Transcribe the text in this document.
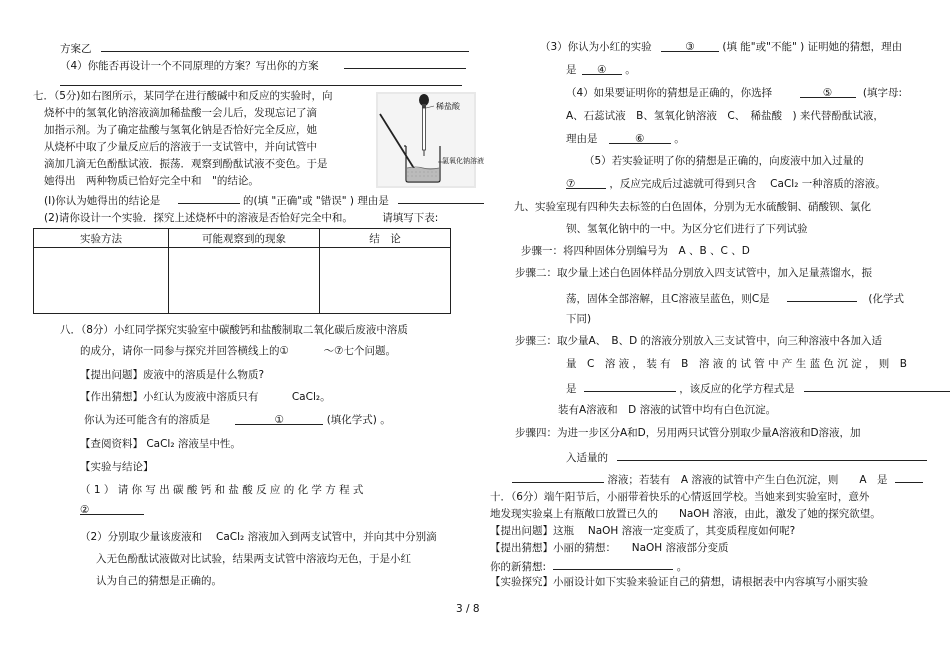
方案乙
（4）你能否再设计一个不同原理的方案？写出你的方案
七．（5分)如右图所示，某同学在进行酸碱中和反应的实验时，向
烧杯中的氢氧化钠溶液滴加稀盐酸一会儿后，发现忘记了滴
加指示剂。为了确定盐酸与氢氧化钠是否恰好完全反应，她
从烧杯中取了少量反应后的溶液于一支试管中，并向试管中
滴加几滴无色酚酞试液．振荡．观察到酚酞试液不变色。于是
她得出　两种物质已恰好完全中和　"的结论。
(I)你认为她得出的结论是	的(填 "正确"或 "错误" ) 理由是
(2)请你设计一个实验．探究上述烧杯中的溶液是否恰好完全中和。	请填写下表:
稀盐酸
氢氧化钠溶液
实验方法	可能观察到的现象	结　论

八．（8分）小红同学探究实验室中碳酸钙和盐酸制取二氧化碳后废液中溶质
的成分，请你一同参与探究并回答横线上的①	～⑦七个问题。
【提出问题】废液中的溶质是什么物质?
【作出猜想】小红认为废液中溶质只有	CaCl₂。
你认为还可能含有的溶质是	①	(填化学式) 。
【查阅资料】 CaCl₂ 溶液呈中性。
【实验与结论】
（ 1 ） 请 你 写 出 碳 酸 钙 和 盐 酸 反 应 的 化 学 方 程 式
②
（2）分别取少量该废液和　 CaCl₂ 溶液加入到两支试管中，并向其中分别滴
入无色酚酞试液做对比试验，结果两支试管中溶液均无色，于是小红
认为自己的猜想是正确的。
（3）你认为小红的实验	③	(填 能"或"不能" ) 证明她的猜想，理由
是 ④ 。
（4）如果要证明你的猜想是正确的，你选择	⑤	(填字母:
A、石蕊试液　B、氢氧化钠溶液　C、　稀盐酸　) 来代替酚酞试液，
理由是	⑥	。
（5）若实验证明了你的猜想是正确的，向废液中加入过量的
⑦	，反应完成后过滤就可得到只含　 CaCl₂ 一种溶质的溶液。
九、实验室现有四种失去标签的白色固体，分别为无水硫酸铜、硝酸钡、氯化
钡、氢氧化钠中的一中。为区分它们进行了下列试验
步骤一：将四种固体分别编号为　A 、B 、C 、D
步骤二：取少量上述白色固体样品分别放入四支试管中，加入足量蒸馏水，振
荡，固体全部溶解，且C溶液呈蓝色，则C是	(化学式
下同)
步骤三：取少量A、　B、D 的溶液分别放入三支试管中，向三种溶液中各加入适
量　C　溶 液 ， 装 有　B　溶 液 的 试 管 中 产 生 蓝 色 沉 淀 ， 则　B
是	，该反应的化学方程式是
装有A溶液和　D 溶液的试管中均有白色沉淀。
步骤四：为进一步区分A和D，另用两只试管分别取少量A溶液和D溶液，加
入适量的
溶液；若装有　A 溶液的试管中产生白色沉淀，则　　A　是
十．（6分）端午阳节后，小丽带着快乐的心情返回学校。当她来到实验室时，意外
地发现实验桌上有瓶敞口放置已久的　　NaOH 溶液，由此，激发了她的探究欲望。
【提出问题】这瓶　 NaOH 溶液一定变质了，其变质程度如何呢?
【提出猜想】小丽的猜想：　　NaOH 溶液部分变质
你的新猜想:	。
【实验探究】小丽设计如下实验来验证自己的猜想，请根据表中内容填写小丽实验
3 / 8
